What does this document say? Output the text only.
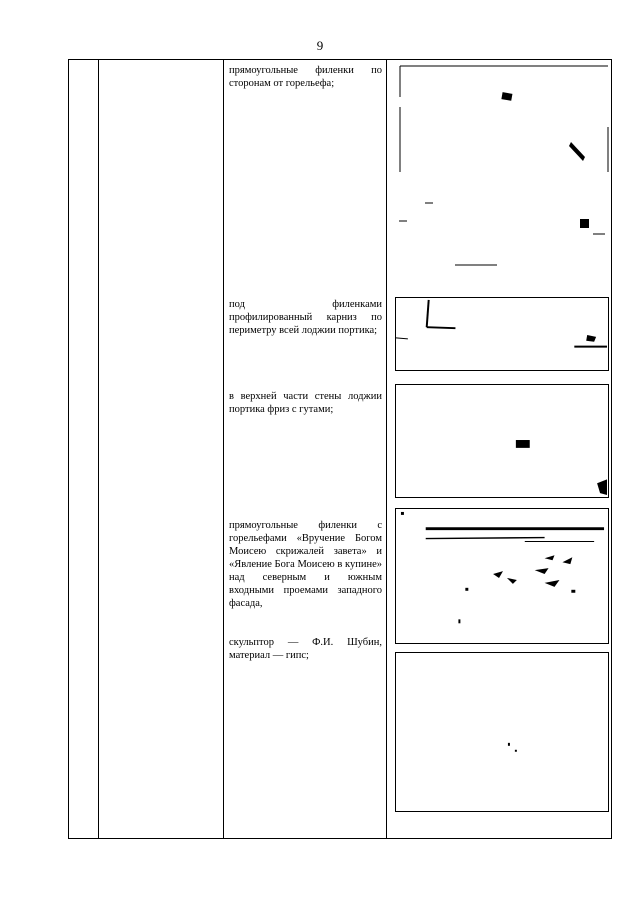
9
прямоугольные филенки по сторонам от горельефа;
под филенками профилированный карниз по периметру всей лоджии портика;
в верхней части стены лоджии портика фриз с гутами;
прямоугольные филенки с горельефами «Вручение Богом Моисею скрижалей завета» и «Явление Бога Моисею в купине» над северным и южным входными проемами западного фасада,
скульптор — Ф.И. Шубин, материал — гипс;
